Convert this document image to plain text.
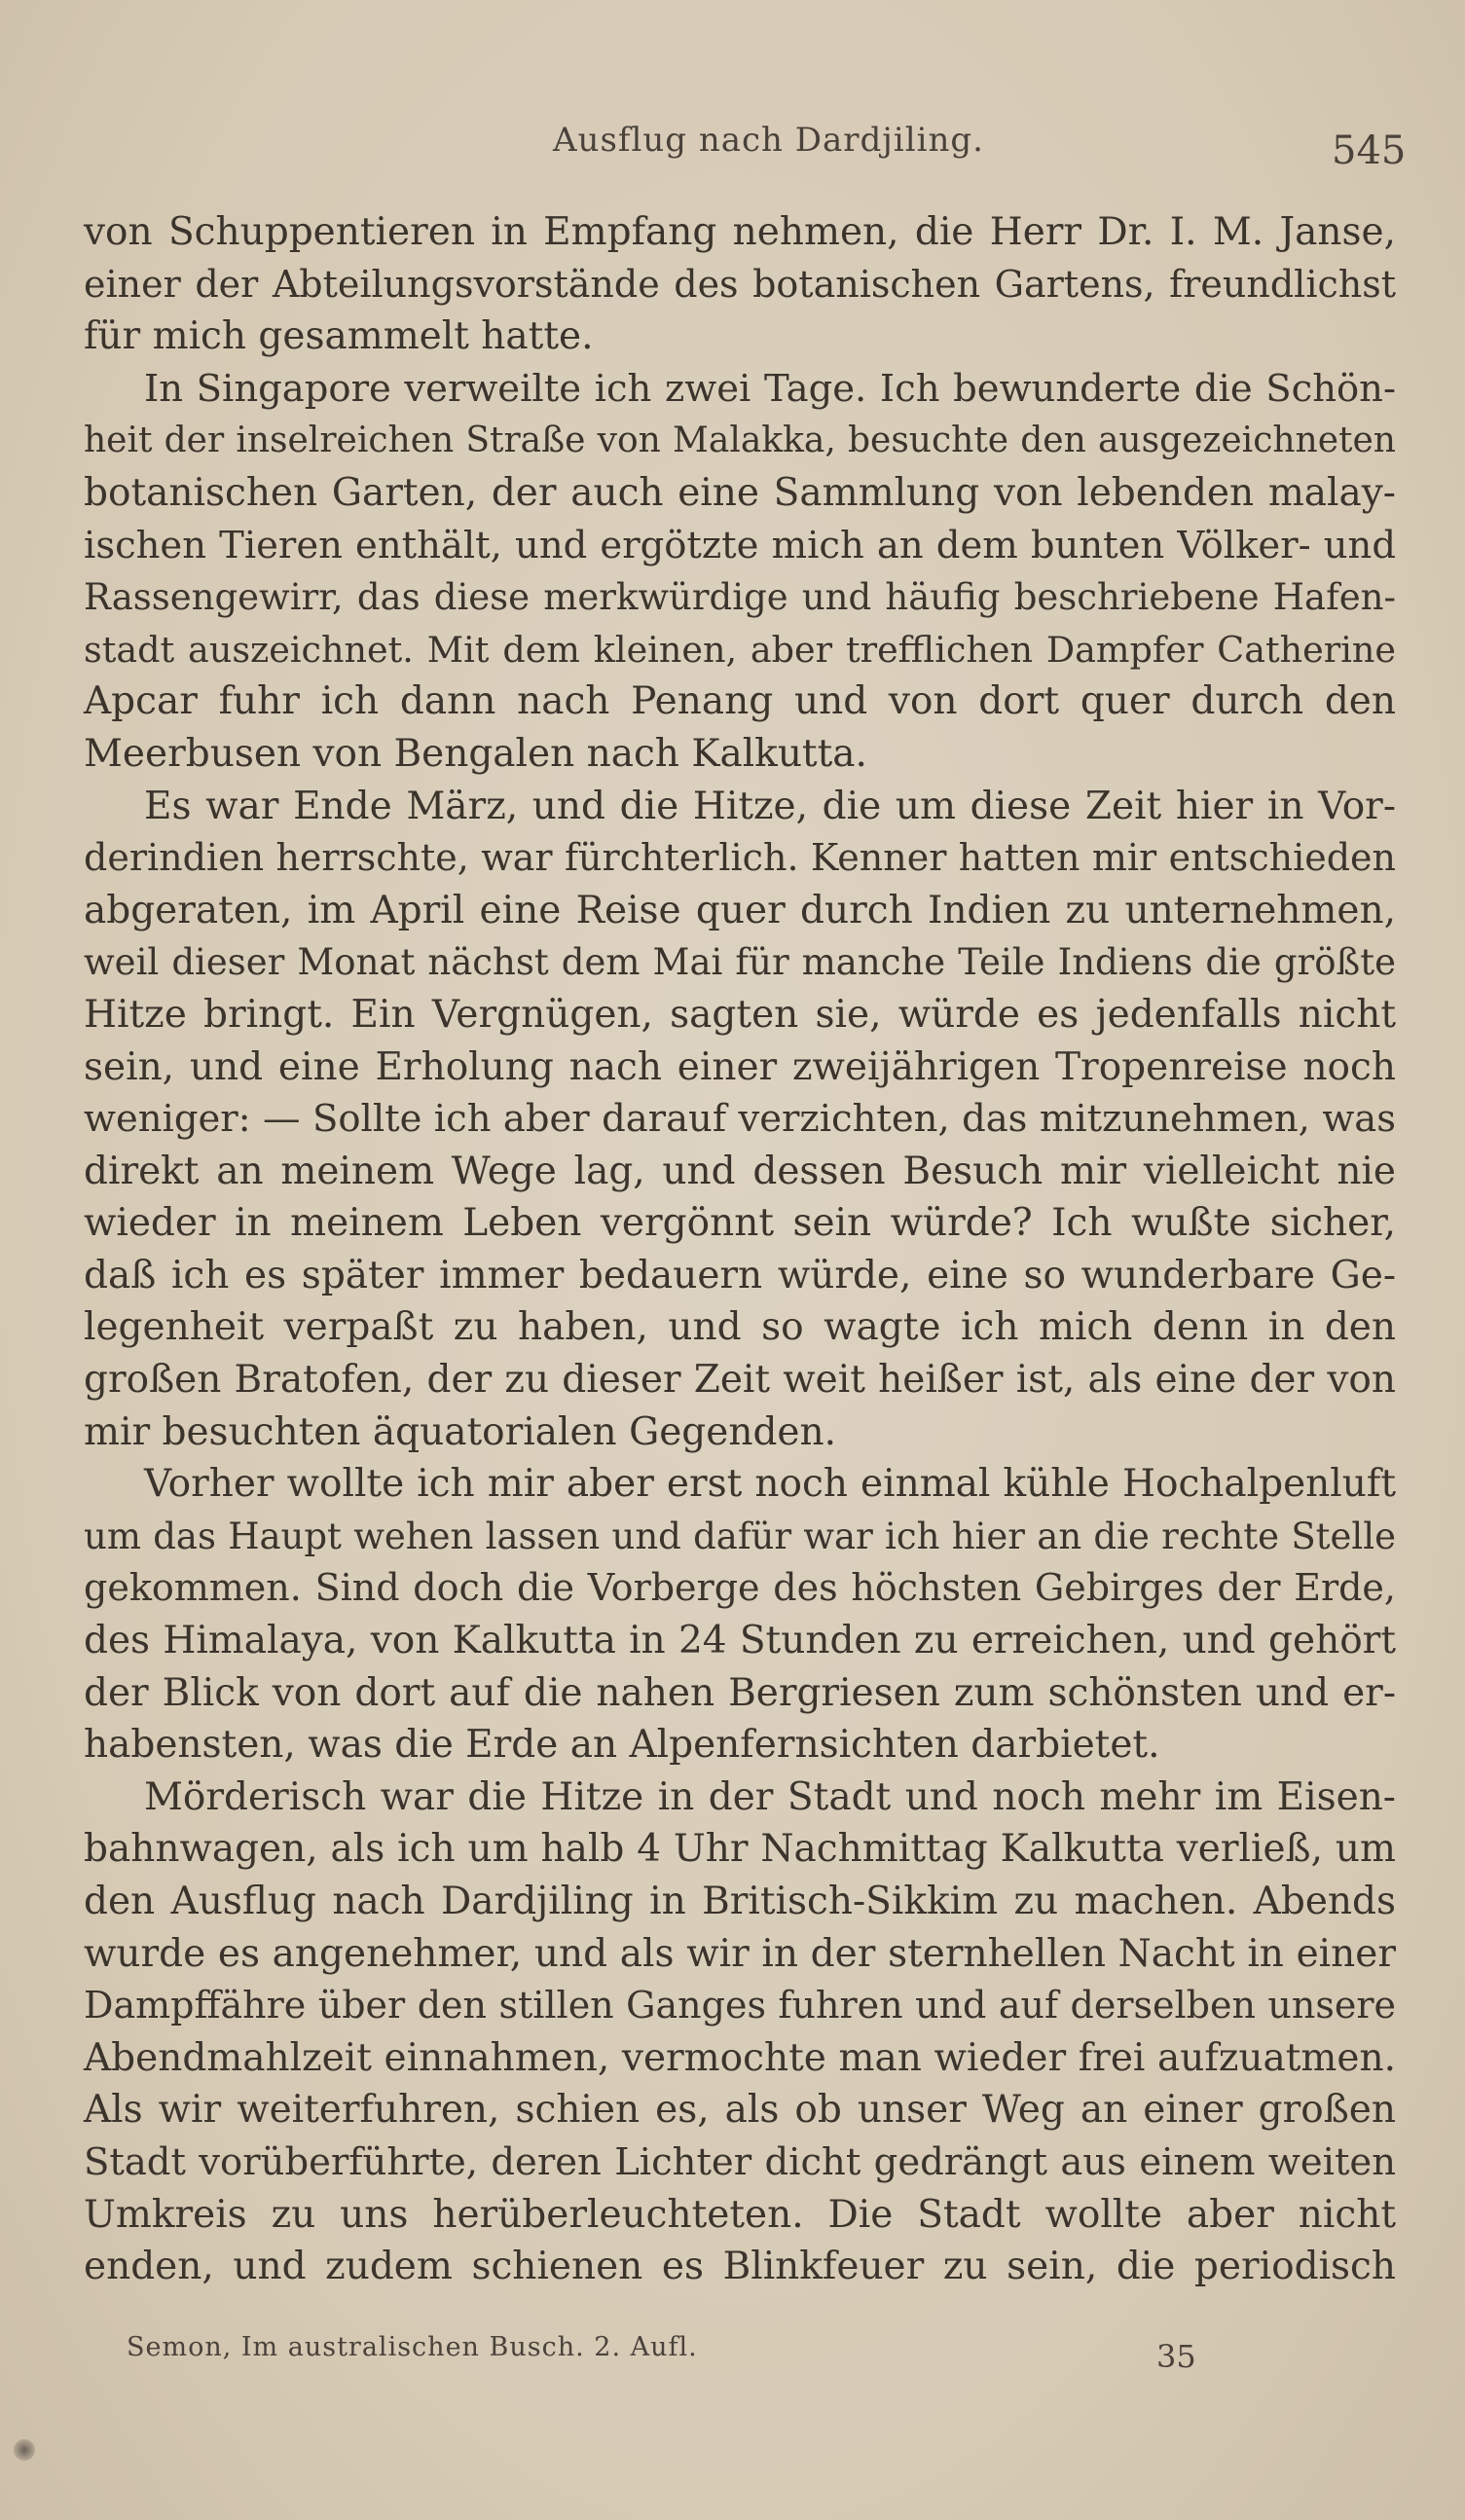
Ausflug nach Dardjiling.	545
von Schuppentieren in Empfang nehmen, die Herr Dr. I. M. Janse,
einer der Abteilungsvorstände des botanischen Gartens, freundlichst
für mich gesammelt hatte.
In Singapore verweilte ich zwei Tage. Ich bewunderte die Schön-
heit der inselreichen Straße von Malakka, besuchte den ausgezeichneten
botanischen Garten, der auch eine Sammlung von lebenden malay-
ischen Tieren enthält, und ergötzte mich an dem bunten Völker- und
Rassengewirr, das diese merkwürdige und häufig beschriebene Hafen-
stadt auszeichnet. Mit dem kleinen, aber trefflichen Dampfer Catherine
Apcar fuhr ich dann nach Penang und von dort quer durch den
Meerbusen von Bengalen nach Kalkutta.
Es war Ende März, und die Hitze, die um diese Zeit hier in Vor-
derindien herrschte, war fürchterlich. Kenner hatten mir entschieden
abgeraten, im April eine Reise quer durch Indien zu unternehmen,
weil dieser Monat nächst dem Mai für manche Teile Indiens die größte
Hitze bringt. Ein Vergnügen, sagten sie, würde es jedenfalls nicht
sein, und eine Erholung nach einer zweijährigen Tropenreise noch
weniger: — Sollte ich aber darauf verzichten, das mitzunehmen, was
direkt an meinem Wege lag, und dessen Besuch mir vielleicht nie
wieder in meinem Leben vergönnt sein würde? Ich wußte sicher,
daß ich es später immer bedauern würde, eine so wunderbare Ge-
legenheit verpaßt zu haben, und so wagte ich mich denn in den
großen Bratofen, der zu dieser Zeit weit heißer ist, als eine der von
mir besuchten äquatorialen Gegenden.
Vorher wollte ich mir aber erst noch einmal kühle Hochalpenluft
um das Haupt wehen lassen und dafür war ich hier an die rechte Stelle
gekommen. Sind doch die Vorberge des höchsten Gebirges der Erde,
des Himalaya, von Kalkutta in 24 Stunden zu erreichen, und gehört
der Blick von dort auf die nahen Bergriesen zum schönsten und er-
habensten, was die Erde an Alpenfernsichten darbietet.
Mörderisch war die Hitze in der Stadt und noch mehr im Eisen-
bahnwagen, als ich um halb 4 Uhr Nachmittag Kalkutta verließ, um
den Ausflug nach Dardjiling in Britisch-Sikkim zu machen. Abends
wurde es angenehmer, und als wir in der sternhellen Nacht in einer
Dampffähre über den stillen Ganges fuhren und auf derselben unsere
Abendmahlzeit einnahmen, vermochte man wieder frei aufzuatmen.
Als wir weiterfuhren, schien es, als ob unser Weg an einer großen
Stadt vorüberführte, deren Lichter dicht gedrängt aus einem weiten
Umkreis zu uns herüberleuchteten. Die Stadt wollte aber nicht
enden, und zudem schienen es Blinkfeuer zu sein, die periodisch
Semon, Im australischen Busch. 2. Aufl.	35
